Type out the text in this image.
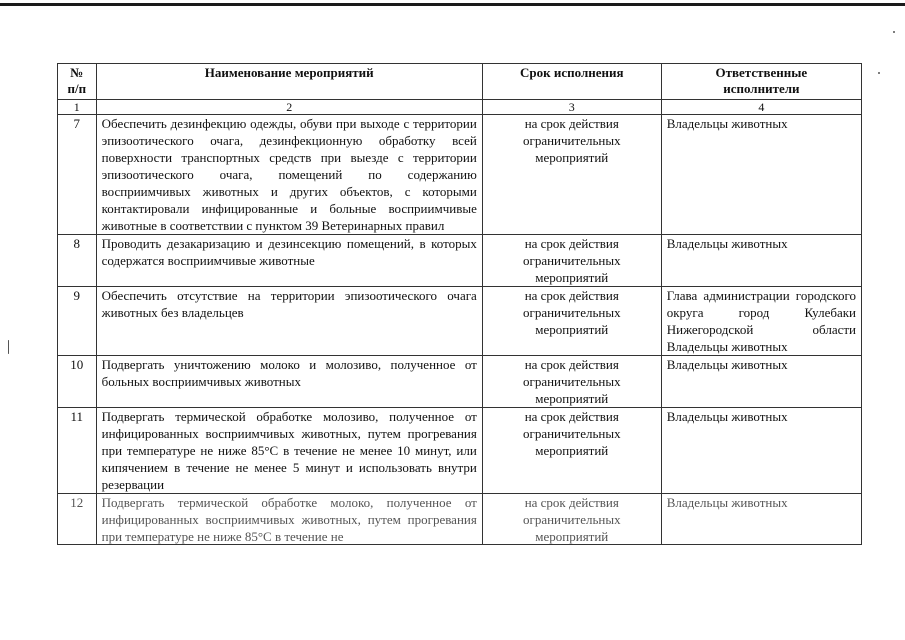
№
п/п	Наименование мероприятий	Срок исполнения	Ответственные
исполнители
1	2	3	4
7	Обеспечить дезинфекцию одежды, обуви при выходе с территории эпизоотического очага, дезинфекционную обработку всей поверхности транспортных средств при выезде с территории эпизоотического очага, помещений по содержанию восприимчивых животных и других объектов, с которыми контактировали инфицированные и больные восприимчивые животные в соответствии с пунктом 39 Ветеринарных правил	на срок действия ограничительных мероприятий	Владельцы животных
8	Проводить дезакаризацию и дезинсекцию помещений, в которых содержатся восприимчивые животные	на срок действия ограничительных мероприятий	Владельцы животных
9	Обеспечить отсутствие на территории эпизоотического очага животных без владельцев	на срок действия ограничительных мероприятий	Глава администрации городского округа город Кулебаки Нижегородской области
Владельцы животных

10	Подвергать уничтожению молоко и молозиво, полученное от больных восприимчивых животных	на срок действия ограничительных мероприятий	Владельцы животных
11	Подвергать термической обработке молозиво, полученное от инфицированных восприимчивых животных, путем прогревания при температуре не ниже 85°С в течение не менее 10 минут, или кипячением в течение не менее 5 минут и использовать внутри резервации	на срок действия ограничительных мероприятий	Владельцы животных
12	Подвергать термической обработке молоко, полученное от инфицированных восприимчивых животных, путем прогревания при температуре не ниже 85°С в течение не	на срок действия ограничительных мероприятий	Владельцы животных
